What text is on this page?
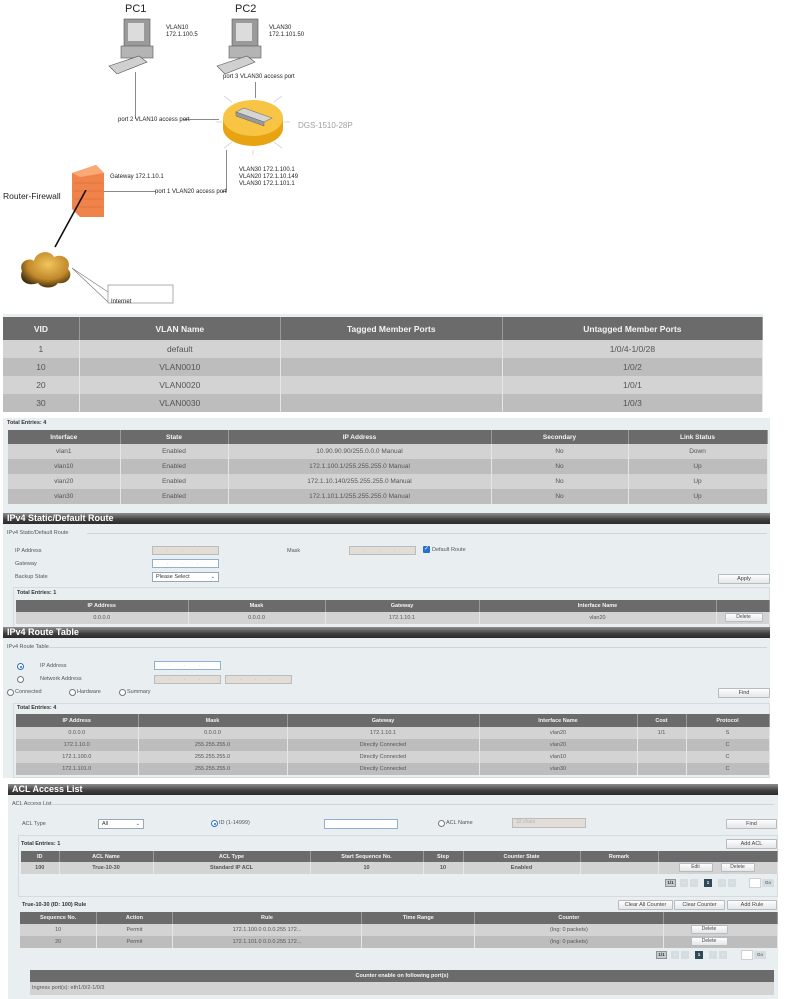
PC1
VLAN10
172.1.100.5
PC2
VLAN30
172.1.101.50
port 3 VLAN30 access port
port 2 VLAN10 access port
DGS-1510-28P
VLAN30 172.1.100.1
VLAN20 172.1.10.149
VLAN30 172.1.101.1
Router-Firewall
Gateway 172.1.10.1
port 1 VLAN20 access port
Internet
VID	VLAN Name	Tagged Member Ports	Untagged Member Ports
1	default		1/0/4-1/0/28
10	VLAN0010		1/0/2
20	VLAN0020		1/0/1
30	VLAN0030		1/0/3
Total Entries: 4
Interface	State	IP Address	Secondary	Link Status
vlan1	Enabled	10.90.90.90/255.0.0.0 Manual	No	Down
vlan10	Enabled	172.1.100.1/255.255.255.0 Manual	No	Up
vlan20	Enabled	172.1.10.140/255.255.255.0 Manual	No	Up
vlan30	Enabled	172.1.101.1/255.255.255.0 Manual	No	Up
IPv4 Static/Default Route
IPv4 Static/Default Route
IP Address	. . .	Mask	. . .	✓ Default Route
Gateway	. . .
Backup State	Please Select	⌄	Apply
Total Entries: 1
IP Address	Mask	Gateway	Interface Name	
0.0.0.0	0.0.0.0	172.1.10.1	vlan20	Delete
IPv4 Route Table
IPv4 Route Table
IP Address	. . .
Network Address	. . .	. . .
Connected	Hardware	Summary	Find
Total Entries: 4
IP Address	Mask	Gateway	Interface Name	Cost	Protocol
0.0.0.0	0.0.0.0	172.1.10.1	vlan20	1/1	S
172.1.10.0	255.255.255.0	Directly Connected	vlan20		C
172.1.100.0	255.255.255.0	Directly Connected	vlan10		C
172.1.101.0	255.255.255.0	Directly Connected	vlan30		C
ACL Access List
ACL Access List
ACL Type	All	⌄	ID (1-14999)	ACL Name	32 chars	Find
Total Entries: 1	Add ACL
ID	ACL Name	ACL Type	Start Sequence No.	Step	Counter State	Remark	
100	True-10-30	Standard IP ACL	10	10	Enabled		Edit Delete
1/1	«	‹	1	›	»	Go
True-10-30 (ID: 100) Rule	Clear All Counter	Clear Counter	Add Rule
Sequence No.	Action	Rule	Time Range	Counter	
10	Permit	172.1.100.0 0.0.0.255 172...		(Ing: 0 packets)	Delete

20	Permit	172.1.101.0 0.0.0.255 172...		(Ing: 0 packets)	Delete
1/1	«	‹	1	›	»	Go
Counter enable on following port(s)
Ingress port(s): eth1/0/2-1/0/3
